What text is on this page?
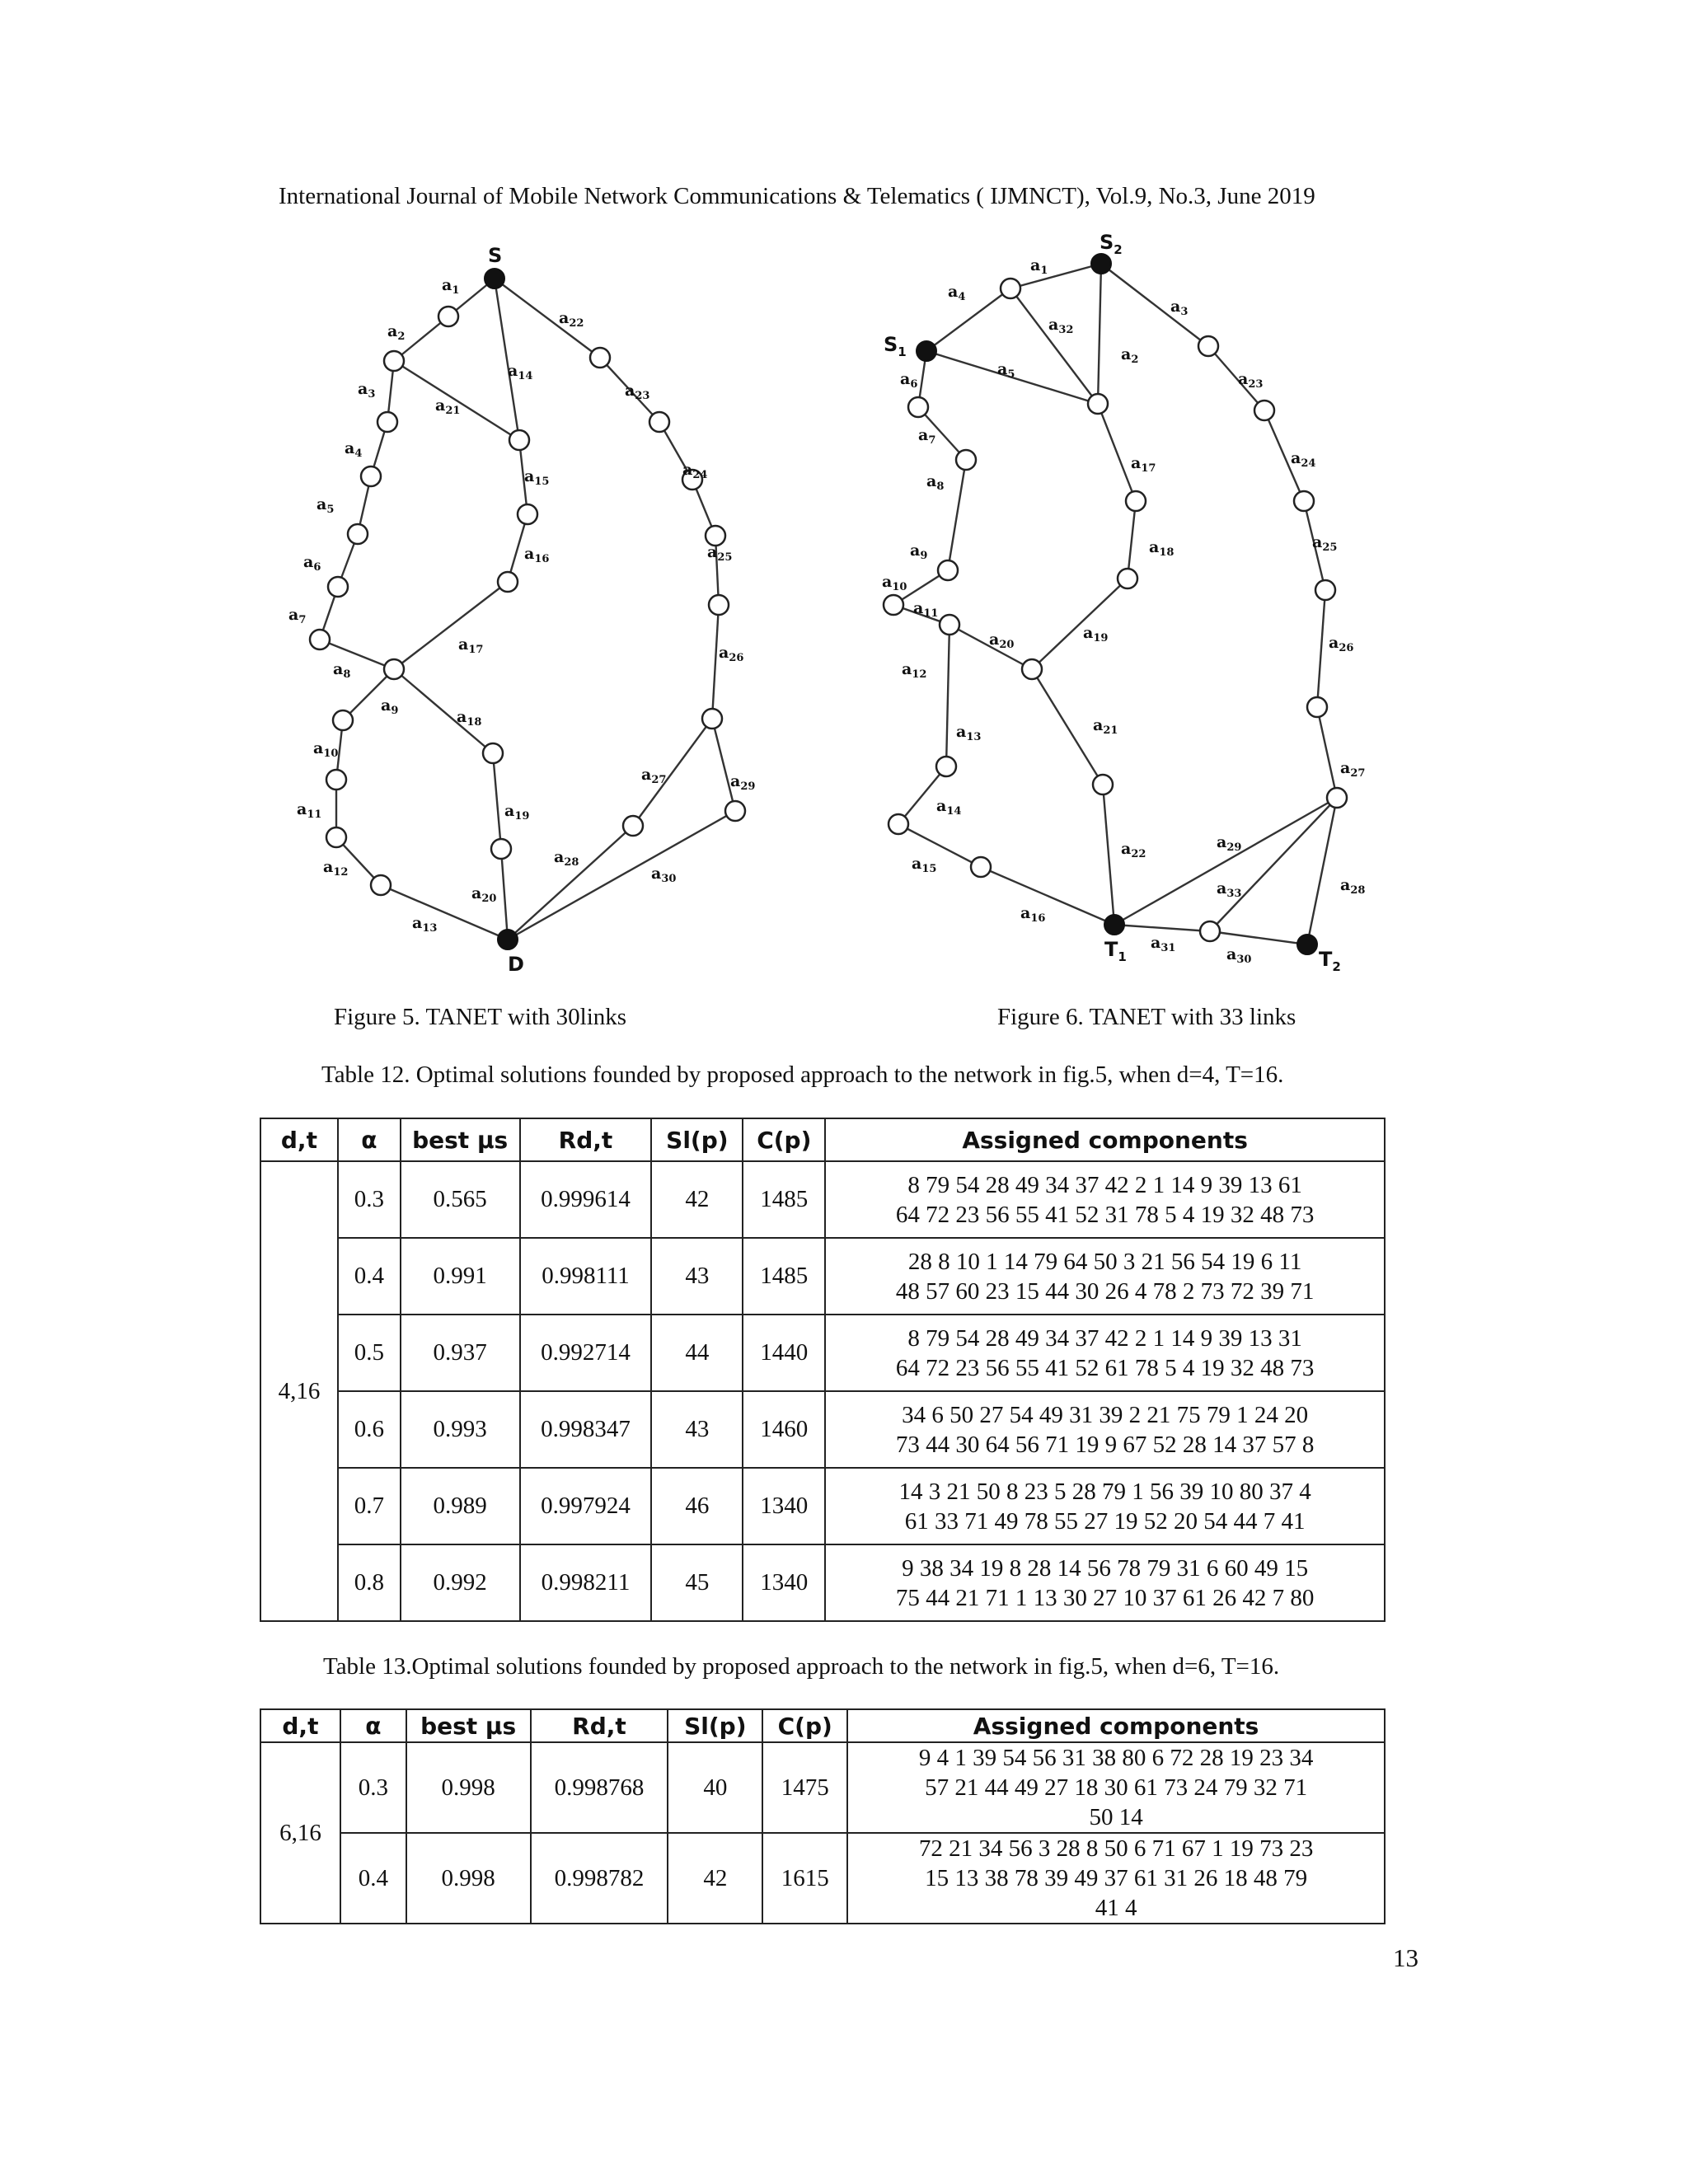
International Journal of Mobile Network Communications & Telematics ( IJMNCT), Vol.9, No.3, June 2019
$a_1$
$a_2$
$a_3$
$a_4$
$a_5$
$a_6$
$a_7$
$a_8$
$a_9$
$a_{10}$
$a_{11}$
$a_{12}$
$a_{13}$
$a_{14}$
$a_{15}$
$a_{16}$
$a_{17}$
$a_{18}$
$a_{19}$
$a_{20}$
$a_{21}$
$a_{22}$
$a_{23}$
$a_{24}$
$a_{25}$
$a_{26}$
$a_{27}$
$a_{28}$
$a_{29}$
$a_{30}$
S
D
Figure 5. TANET with 30links
$a_1$
$a_2$
$a_3$
$a_4$
$a_5$
$a_6$
$a_7$
$a_8$
$a_9$
$a_{10}$
$a_{11}$
$a_{12}$
$a_{13}$
$a_{14}$
$a_{15}$
$a_{16}$
$a_{17}$
$a_{18}$
$a_{19}$
$a_{20}$
$a_{21}$
$a_{22}$
$a_{23}$
$a_{24}$
$a_{25}$
$a_{26}$
$a_{27}$
$a_{28}$
$a_{29}$
$a_{30}$
$a_{31}$
$a_{32}$
$a_{33}$
$S_1$
$S_2$
$T_1$	$T_2$
Figure 6. TANET with 33 links
Table 12. Optimal solutions founded by proposed approach to the network in fig.5, when d=4, T=16.
d,t	α	best μs	Rd,t	Sl(p)	C(p)	Assigned components
4,16	0.3	0.565	0.999614	42	1485	8 79 54 28 49 34 37 42 2 1 14 9 39 13 61
64 72 23 56 55 41 52 31 78 5 4 19 32 48 73
	0.4	0.991	0.998111	43	1485	28 8 10 1 14 79 64 50 3 21 56 54 19 6 11
48 57 60 23 15 44 30 26 4 78 2 73 72 39 71
	0.5	0.937	0.992714	44	1440	8 79 54 28 49 34 37 42 2 1 14 9 39 13 31
64 72 23 56 55 41 52 61 78 5 4 19 32 48 73
	0.6	0.993	0.998347	43	1460	34 6 50 27 54 49 31 39 2 21 75 79 1 24 20
73 44 30 64 56 71 19 9 67 52 28 14 37 57 8
	0.7	0.989	0.997924	46	1340	14 3 21 50 8 23 5 28 79 1 56 39 10 80 37 4
61 33 71 49 78 55 27 19 52 20 54 44 7 41
	0.8	0.992	0.998211	45	1340	9 38 34 19 8 28 14 56 78 79 31 6 60 49 15
75 44 21 71 1 13 30 27 10 37 61 26 42 7 80
Table 13.Optimal solutions founded by proposed approach to the network in fig.5, when d=6, T=16.
d,t	α	best μs	Rd,t	Sl(p)	C(p)	Assigned components
6,16	0.3	0.998	0.998768	40	1475	9 4 1 39 54 56 31 38 80 6 72 28 19 23 34
57 21 44 49 27 18 30 61 73 24 79 32 71
50 14
	0.4	0.998	0.998782	42	1615	72 21 34 56 3 28 8 50 6 71 67 1 19 73 23
15 13 38 78 39 49 37 61 31 26 18 48 79
41 4
13
